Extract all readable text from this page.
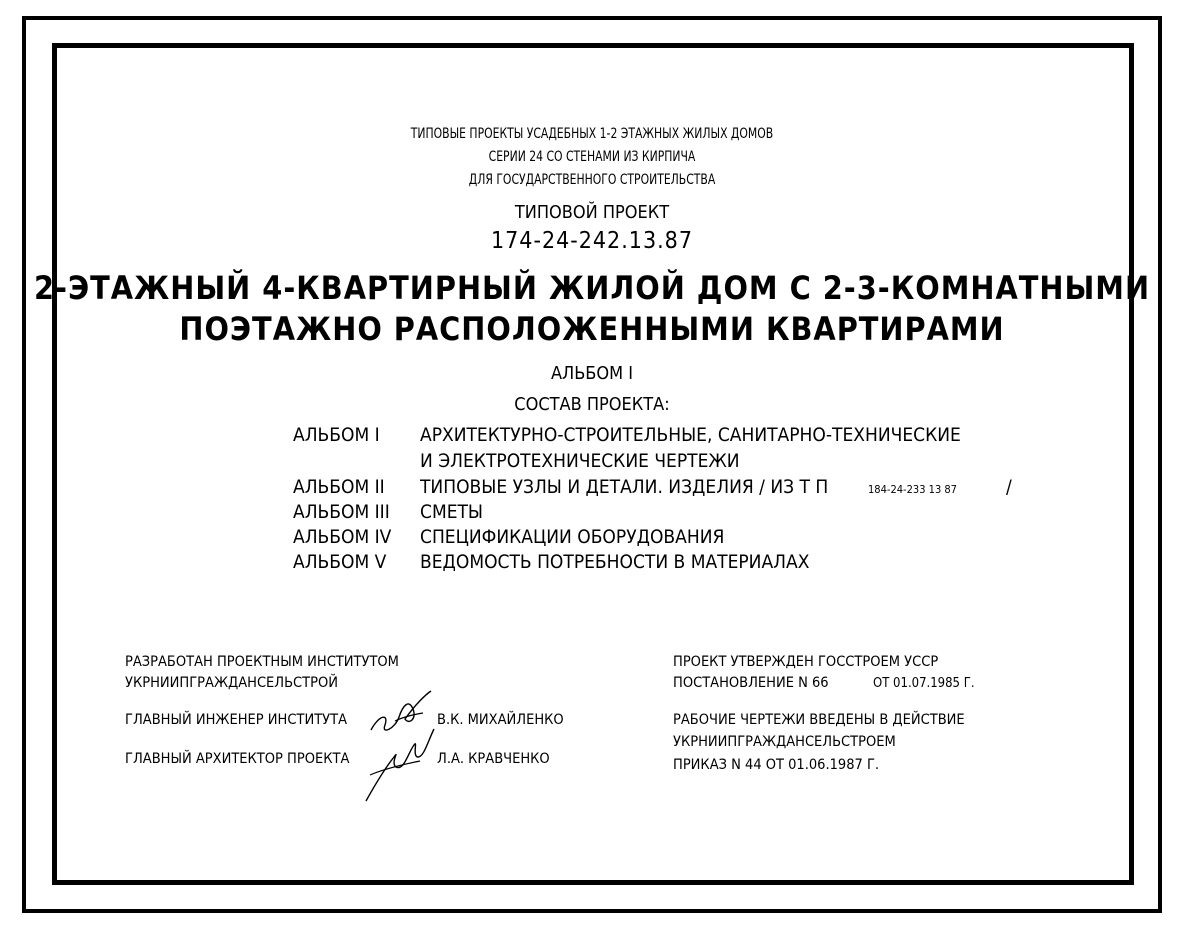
ТИПОВЫЕ ПРОЕКТЫ УСАДЕБНЫХ 1-2 ЭТАЖНЫХ ЖИЛЫХ ДОМОВ
СЕРИИ 24 СО СТЕНАМИ ИЗ КИРПИЧА
ДЛЯ ГОСУДАРСТВЕННОГО СТРОИТЕЛЬСТВА
ТИПОВОЙ ПРОЕКТ
174-24-242.13.87
2-ЭТАЖНЫЙ 4-КВАРТИРНЫЙ ЖИЛОЙ ДОМ С 2-3-КОМНАТНЫМИ
ПОЭТАЖНО РАСПОЛОЖЕННЫМИ КВАРТИРАМИ
АЛЬБОМ I
СОСТАВ ПРОЕКТА:
АЛЬБОМ I АРХИТЕКТУРНО-СТРОИТЕЛЬНЫЕ, САНИТАРНО-ТЕХНИЧЕСКИЕ
И ЭЛЕКТРОТЕХНИЧЕСКИЕ ЧЕРТЕЖИ
АЛЬБОМ II ТИПОВЫЕ УЗЛЫ И ДЕТАЛИ. ИЗДЕЛИЯ / ИЗ Т П	184-24-233 13 87	/
АЛЬБОМ III СМЕТЫ
АЛЬБОМ IV СПЕЦИФИКАЦИИ ОБОРУДОВАНИЯ
АЛЬБОМ V ВЕДОМОСТЬ ПОТРЕБНОСТИ В МАТЕРИАЛАХ
РАЗРАБОТАН ПРОЕКТНЫМ ИНСТИТУТОМ
УКРНИИПГРАЖДАНСЕЛЬСТРОЙ
ГЛАВНЫЙ ИНЖЕНЕР ИНСТИТУТА	В.К. МИХАЙЛЕНКО
ГЛАВНЫЙ АРХИТЕКТОР ПРОЕКТА	Л.А. КРАВЧЕНКО
ПРОЕКТ УТВЕРЖДЕН ГОССТРОЕМ УССР
ПОСТАНОВЛЕНИЕ N 66	ОТ 01.07.1985 Г.
РАБОЧИЕ ЧЕРТЕЖИ ВВЕДЕНЫ В ДЕЙСТВИЕ
УКРНИИПГРАЖДАНСЕЛЬСТРОЕМ
ПРИКАЗ N 44 ОТ 01.06.1987 Г.
